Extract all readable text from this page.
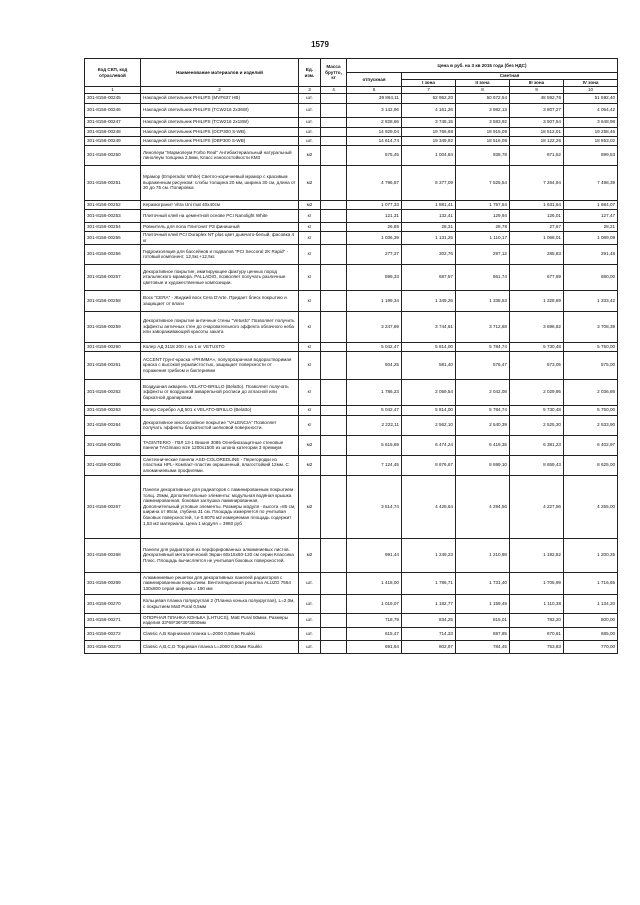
1579
Код СКП, код отраслевой	Наименование материалов и изделий	Ед. изм.	Масса брутто, кг	Цена в руб. на 3 кв 2015 года (без НДС)				
				отпускная	Сметная			
					I зона	II зона	III зона	IV зона
1	2	3	4	6	7	8	9	10
301-8156-00245	Накладной светильник PHILIPS (MVF637 HB)	шт.		39 864,11	52 952,20	50 672,54	48 592,76	51 592,40
301-8156-00246	Накладной светильник PHILIPS (TCW216 2x36W)	шт.		3 142,96	4 161,26	3 982,13	3 807,27	4 054,42
301-8156-00247	Накладной светильник PHILIPS (TCW216 2x18W)	шт.		2 828,66	3 745,15	3 583,92	3 507,54	3 648,98
301-8156-00248	Накладной светильник PHILIPS (DCP300 S-WB)	шт.		14 929,04	19 766,68	18 915,09	18 512,01	19 258,46
301-8156-00249	Накладной светильник PHILIPS (DBP300 S-WB)	шт.		14 614,74	19 349,92	18 516,08	18 122,26	18 853,02
301-8156-00250	Линолеум "Мармолеум Forbo Real" Антибактериальный натуральный линолеум толщина 2,5мм, Класс износостойкости КМ3	м2		575,45	1 004,84	938,78	871,52	899,53
301-8156-00251	Мрамор (Emperador White) Светло-коричневый мрамор с красивым выраженным рисунком: слэбы толщина 20 мм, ширина 30 см, длина от 30 до 75 см. Полировка	м2		4 796,87	8 377,09	7 525,54	7 264,94	7 498,39
301-8156-00252	Керамогранит Vitra Uni mat 40х40см	м2		1 077,33	1 881,41	1 757,54	1 631,64	1 684,07
301-8156-00253	Плиточный клей на цементной основе PCI Nanolight White	кг		121,31	132,41	129,94	126,01	127,47
301-8156-00254	Ровнитель для пола Плитонит РЗ финишный	кг		26,85	28,31	28,78	27,67	28,21
301-8156-00255	Плиточный клей PCI Duraplex NT plus цвет дымчато-белый, фасовка 4 кг	кг		1 036,39	1 131,25	1 110,17	1 068,01	1 089,09
301-8156-00256	Гидроизоляция для бассейнов и подвалов "PCI Seccoral 2K Rapid" - готовый компонент, 12,5кг.+12,5кг.	кг		277,37	302,76	297,12	285,83	291,48
301-8156-00257	Декоративное покрытие, имитирующее фактуру ценных пород итальянского мрамора. PALLADIO, позволяет получать различные цветовые и художественные композиции.	кг		599,33	687,57	661,74	677,69	680,00
301-8156-00258	Воск "CERA" - Жидкий воск Cera D'Arte. Придает блеск покрытию и защищает от влаги	кг		1 199,34	1 349,26	1 338,53	1 328,69	1 333,42
301-8156-00259	Декоративное покрытие античные стены "Vetusto" Позволяет получить эффекты античных стен до очаровательного эффекта облачного неба или завораживающей красоты заката	кг		3 247,69	3 744,61	3 712,68	3 696,82	3 708,39
301-8156-00260	Колер АД 3118 200 г на 1 кг VETUSTO	кг		5 042,47	5 814,00	5 784,74	5 730,48	5 750,00
301-8156-00261	ACCENT Грунт-краска «PRIMMA», полупрозрачная водорастворимая краска с высокой укрывистостью, защищает поверхности от поражения грибком и бактериями	кг		504,25	581,40	576,47	573,05	575,00
301-8156-00262	Воздушная акварель VELATO-BRILLO (Belatto). Позволяет получать эффекты от воздушной акварельной росписи до атласной или бархатной драпировки.	кг		1 786,23	2 059,54	2 042,08	2 029,95	2 036,86
301-8156-00263	Колер Серебро АД 501 к VELATO-BRILLO (Belatto)	кг		5 042,47	5 814,00	5 784,74	5 730,48	5 750,00
301-8156-00264	Декоративное многослойное покрытие "VALENCIA" Позволяет получать эффекты бархатистой шелковой поверхности.	кг		2 222,11	2 562,10	2 540,39	2 525,30	2 533,90
301-8156-00265	TAGINTERIO - ГВЛ 13-1 Вишня 3085 Огнебиозащитные стеновые панели TAGimaxo size 1200х1500 из шпона категории 3 премиум	м2		5 615,69	6 474,24	6 419,35	6 381,23	6 402,97
301-8156-00266	Сантехнические панели ASD-COLOREDLINE - Перегородки из пластика HPL- Компакт-пластик окрашенный, влагостойкий 12мм. С алюминиевыми профилями.	м2		7 124,45	8 676,67	8 699,10	8 659,43	8 625,00
301-8156-00267	Панели декоративные для радиаторов с ламинированным покрытием толщ. 25мм, Дополнительные элементы: модульная водяная крышка ламинированная, боковая заглушка ламинированная. Дополнительный угловые элементы. Размеры модуля - высота =85 см, ширина от 95см, глубина 31 см. Площадь измеряется по учитывая боковых поверхностей, т.е 0.8075 м2 измеряемая площадь содержит 1,53 м2 материала. Цена 1 модуля = 3980 руб	м2		3 514,74	4 428,64	4 294,56	4 227,56	4 255,00
301-8156-00268	Панели для радиаторов из перфорированных алюминиевых листов. Декоративный металлический Экран 60х15х60-120 см серии Классика Плюс. Площадь вычисляется не учитывая боковых поверхностей.	м2		991,44	1 249,23	1 210,98	1 192,52	1 200,25
301-8156-00269	Алюминиевые решетки для декоративных панелей радиаторов с ламинированным покрытием. Вентиляционная решетка ALUZG 7564 130х800 серая ширина = 190 мм	шт.		1 418,00	1 786,71	1 731,40	1 705,99	1 716,65
301-8156-00270	Кольцевая планка полукруглая 2 (Планка конька полукруглая), L=2,0м, с покрытием Matt Pural 0,5мм	шт.		1 019,07	1 182,77	1 159,49	1 110,38	1 134,20
301-8156-00271	ОПОРНАЯ ПЛАНКА КОНЬКА (LHTUCS), Matt Pural 50мкм. Размеры изделия 33*69*36*30*3000мм	шт.		718,79	834,25	815,01	783,20	800,00
301-8156-00272	Classic A,B Карнизная планка L=2000 0,50мм Ruukki	шт.		615,47	714,33	697,85	670,61	685,00
301-8156-00273	Classic A,B,C,D Торцевая планка L=2000 0,50мм Ruukki	шт.		691,64	802,97	784,45	753,83	770,00
